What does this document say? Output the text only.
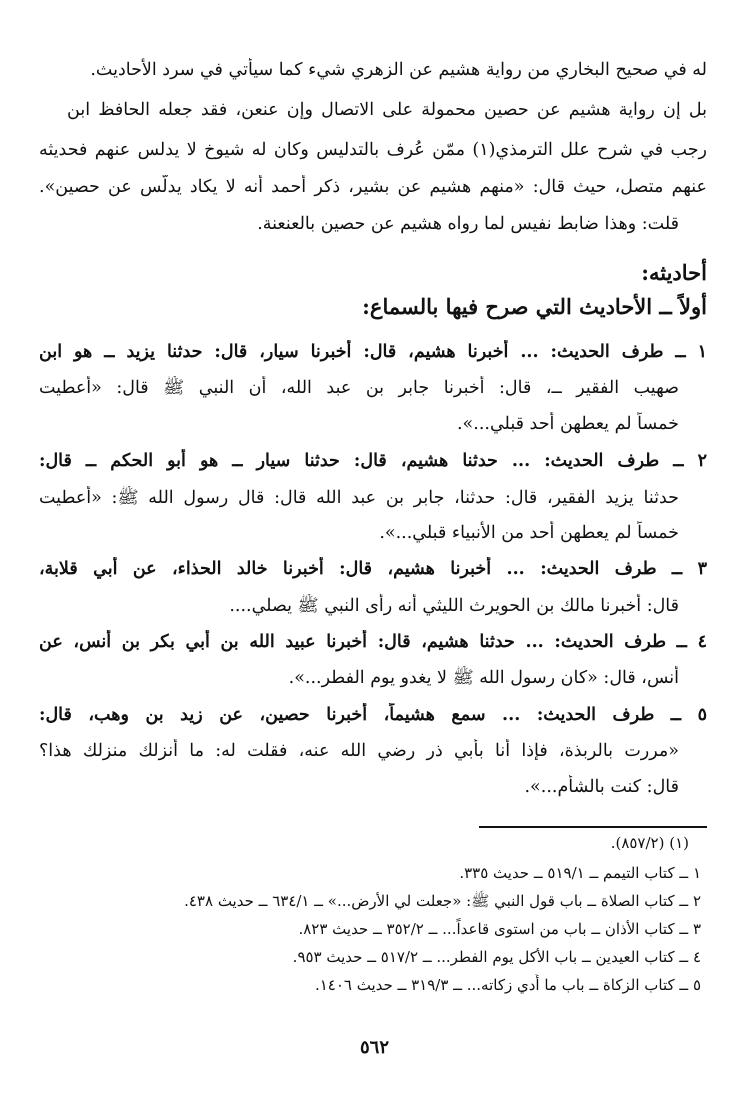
له في صحيح البخاري من رواية هشيم عن الزهري شيء كما سيأتي في سرد الأحاديث.
بل إن رواية هشيم عن حصين محمولة على الاتصال وإن عنعن، فقد جعله الحافظ ابن
رجب في شرح علل الترمذي(١) ممّن عُرف بالتدليس وكان له شيوخ لا يدلس عنهم فحديثه
عنهم متصل، حيث قال: «منهم هشيم عن بشير، ذكر أحمد أنه لا يكاد يدلّس عن حصين».
قلت: وهذا ضابط نفيس لما رواه هشيم عن حصين بالعنعنة.
أحاديثه:
أولاً ــ الأحاديث التي صرح فيها بالسماع:
١ ــ طرف الحديث: ... أخبرنا هشيم، قال: أخبرنا سيار، قال: حدثنا يزيد ــ هو ابن
صهيب الفقير ــ، قال: أخبرنا جابر بن عبد الله، أن النبي ﷺ قال: «أعطيت
خمساً لم يعطهن أحد قبلي...».
٢ ــ طرف الحديث: ... حدثنا هشيم، قال: حدثنا سيار ــ هو أبو الحكم ــ قال:
حدثنا يزيد الفقير، قال: حدثنا، جابر بن عبد الله قال: قال رسول الله ﷺ: «أعطيت
خمساً لم يعطهن أحد من الأنبياء قبلي...».
٣ ــ طرف الحديث: ... أخبرنا هشيم، قال: أخبرنا خالد الحذاء، عن أبي قلابة،
قال: أخبرنا مالك بن الحويرث الليثي أنه رأى النبي ﷺ يصلي....
٤ ــ طرف الحديث: ... حدثنا هشيم، قال: أخبرنا عبيد الله بن أبي بكر بن أنس، عن
أنس، قال: «كان رسول الله ﷺ لا يغدو يوم الفطر...».
٥ ــ طرف الحديث: ... سمع هشيماً، أخبرنا حصين، عن زيد بن وهب، قال:
«مررت بالربذة، فإذا أنا بأبي ذر رضي الله عنه، فقلت له: ما أنزلك منزلك هذا؟
قال: كنت بالشأم...».
(١) (٨٥٧/٢).
١ ــ كتاب التيمم ــ ٥١٩/١ ــ حديث ٣٣٥.
٢ ــ كتاب الصلاة ــ باب قول النبي ﷺ: «جعلت لي الأرض...» ــ ٦٣٤/١ ــ حديث ٤٣٨.
٣ ــ كتاب الأذان ــ باب من استوى قاعداً... ــ ٣٥٢/٢ ــ حديث ٨٢٣.
٤ ــ كتاب العيدين ــ باب الأكل يوم الفطر... ــ ٥١٧/٢ ــ حديث ٩٥٣.
٥ ــ كتاب الزكاة ــ باب ما أُدي زكاته... ــ ٣١٩/٣ ــ حديث ١٤٠٦.
٥٦٢
